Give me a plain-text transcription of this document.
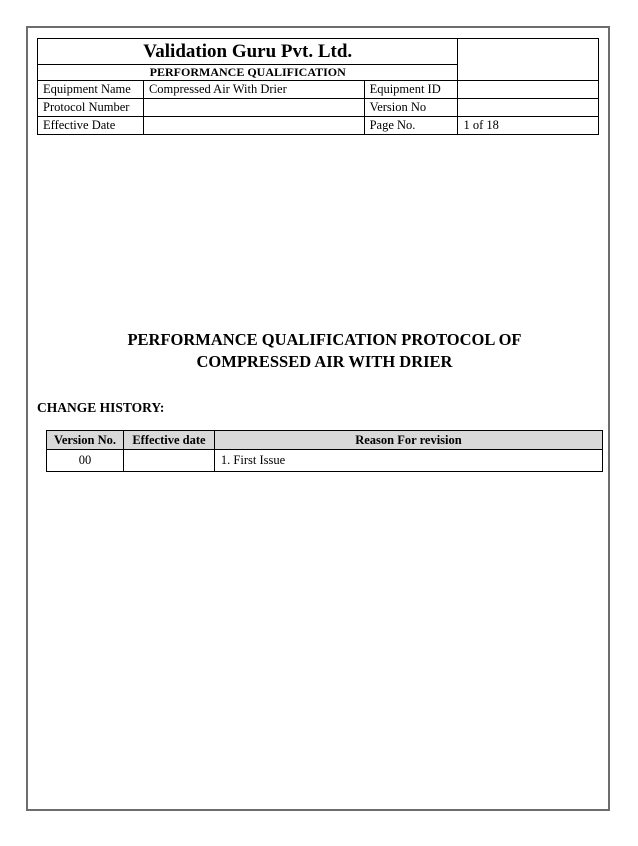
Validation Guru Pvt. Ltd.			
PERFORMANCE QUALIFICATION			
Equipment Name	Compressed Air With Drier	Equipment ID	
Protocol Number		Version No	
Effective Date		Page No.	1 of 18
PERFORMANCE QUALIFICATION PROTOCOL OF
COMPRESSED AIR WITH DRIER
CHANGE HISTORY:
Version No.	Effective date	Reason For revision
00		1. First Issue
